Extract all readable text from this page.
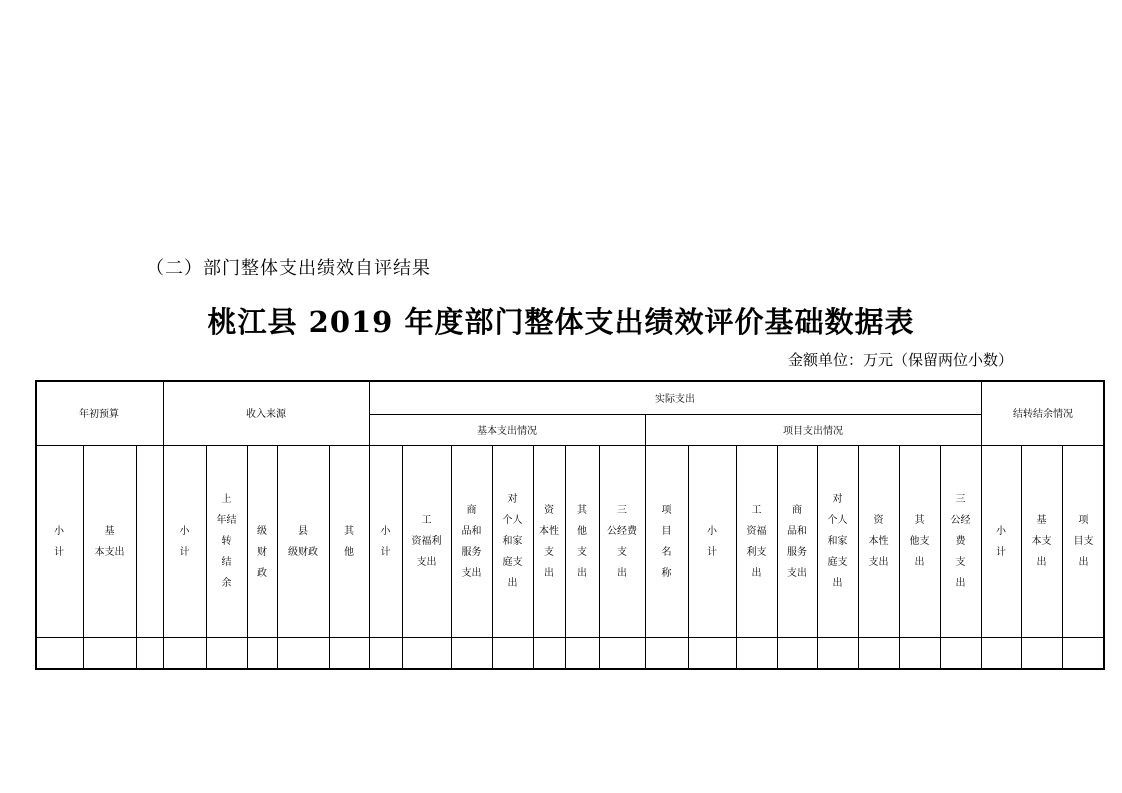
（二）部门整体支出绩效自评结果
桃江县 2019 年度部门整体支出绩效评价基础数据表
金额单位：万元（保留两位小数）
年初预算	收入来源
实际支出
基本支出情况	项目支出情况
结转结余情况
小
计
基
本支出
小
计
上
年结
转
结
余

级
财
政
县
级财政
其
他
小
计
工
资福利
支出
商
品和
服务
支出
对
个人
和家
庭支
出
资
本性
支
出
其
他
支
出
三
公经费
支
出
项
目
名
称
小
计
工
资福
利支
出
商
品和
服务
支出
对
个人
和家
庭支
出
资
本性
支出
其
他支
出
三
公经
费
支
出
小
计
基
本支
出
项
目支
出
